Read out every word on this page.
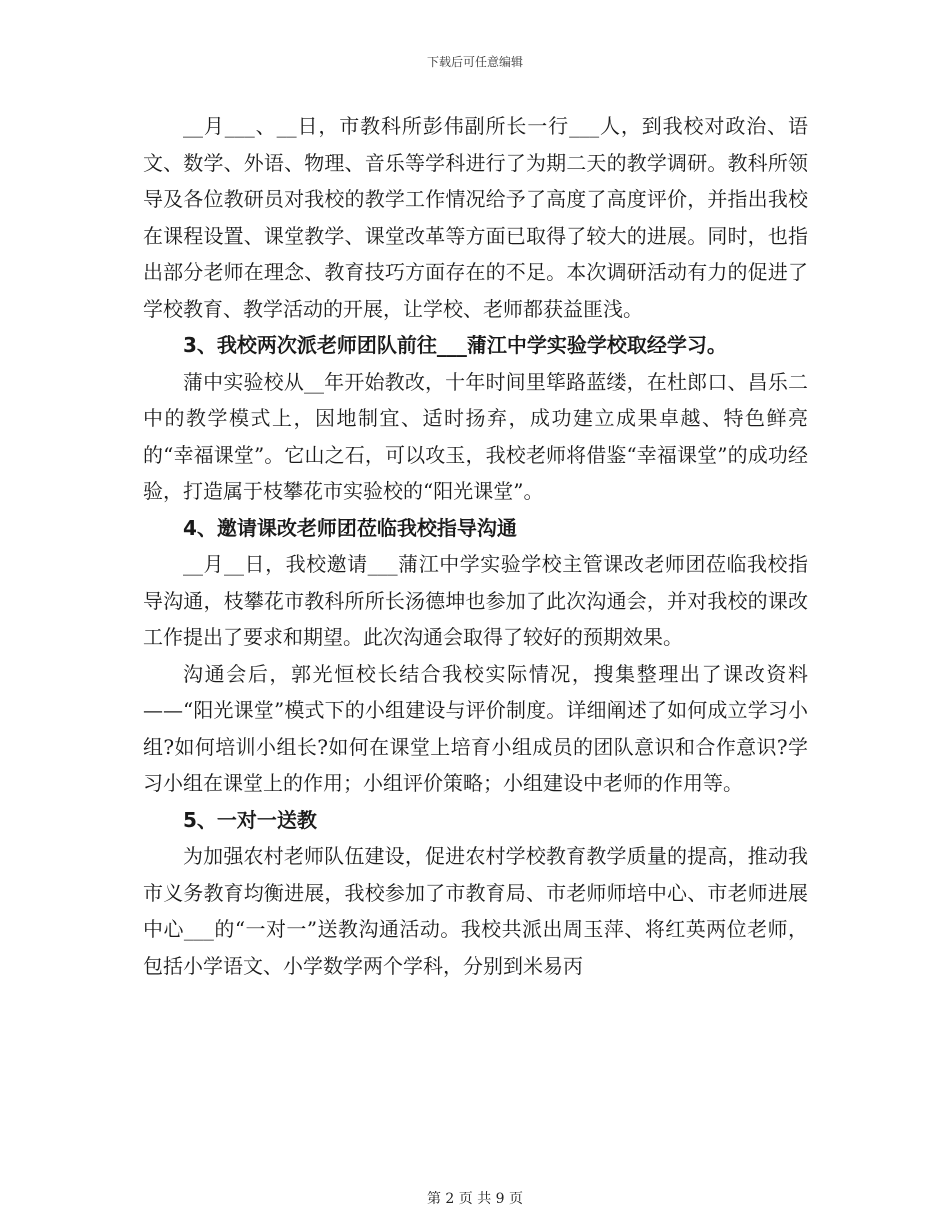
下载后可任意编辑

__月___、__日，市教科所彭伟副所长一行___人，到我校对政治、语文、数学、外语、物理、音乐等学科进行了为期二天的教学调研。教科所领导及各位教研员对我校的教学工作情况给予了高度了高度评价，并指出我校在课程设置、课堂教学、课堂改革等方面已取得了较大的进展。同时，也指出部分老师在理念、教育技巧方面存在的不足。本次调研活动有力的促进了学校教育、教学活动的开展，让学校、老师都获益匪浅。

3、我校两次派老师团队前往___蒲江中学实验学校取经学习。

蒲中实验校从__年开始教改，十年时间里筚路蓝缕，在杜郎口、昌乐二中的教学模式上，因地制宜、适时扬弃，成功建立成果卓越、特色鲜亮的“幸福课堂”。它山之石，可以攻玉，我校老师将借鉴“幸福课堂”的成功经验，打造属于枝攀花市实验校的“阳光课堂”。

4、邀请课改老师团莅临我校指导沟通

__月__日，我校邀请___蒲江中学实验学校主管课改老师团莅临我校指导沟通，枝攀花市教科所所长汤德坤也参加了此次沟通会，并对我校的课改工作提出了要求和期望。此次沟通会取得了较好的预期效果。

沟通会后，郭光恒校长结合我校实际情况，搜集整理出了课改资料——“阳光课堂”模式下的小组建设与评价制度。详细阐述了如何成立学习小组?如何培训小组长?如何在课堂上培育小组成员的团队意识和合作意识?学习小组在课堂上的作用；小组评价策略；小组建设中老师的作用等。

5、一对一送教

为加强农村老师队伍建设，促进农村学校教育教学质量的提高，推动我市义务教育均衡进展，我校参加了市教育局、市老师师培中心、市老师进展中心___的“一对一”送教沟通活动。我校共派出周玉萍、将红英两位老师，包括小学语文、小学数学两个学科，分别到米易丙

第 2 页 共 9 页
